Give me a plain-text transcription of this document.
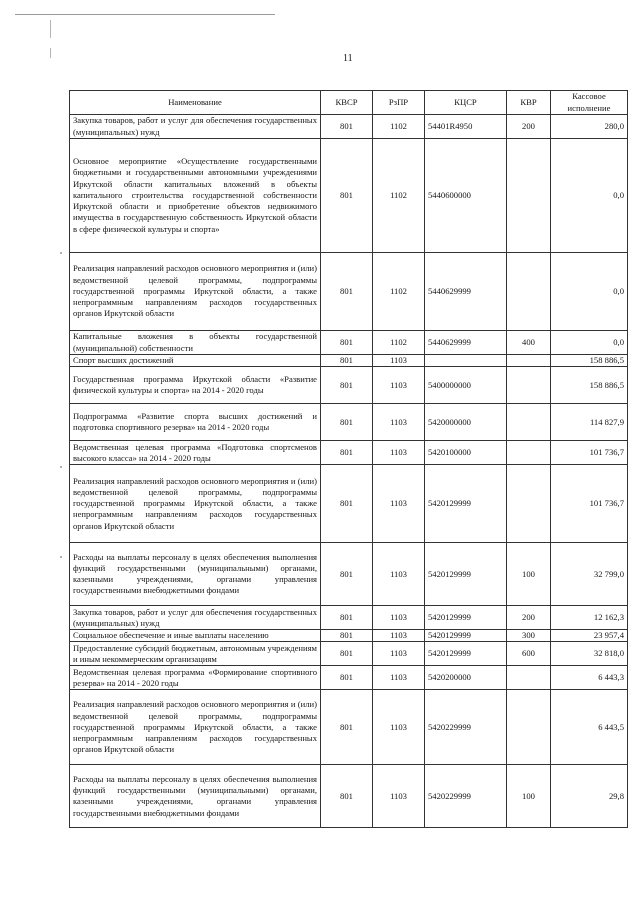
11
Наименование	КВСР	РзПР	КЦСР	КВР	Кассовое исполнение
Закупка товаров, работ и услуг для обеспечения государственных (муниципальных) нужд	801	1102	54401R4950	200	280,0
Основное мероприятие «Осуществление государственными бюджетными и государственными автономными учреждениями Иркутской области капитальных вложений в объекты капитального строительства государственной собственности Иркутской области и приобретение объектов недвижимого имущества в государственную собственность Иркутской области в сфере физической культуры и спорта»	801	1102	5440600000		0,0
Реализация направлений расходов основного мероприятия и (или) ведомственной целевой программы, подпрограммы государственной программы Иркутской области, а также непрограммным направлениям расходов государственных органов Иркутской области	801	1102	5440629999		0,0
Капитальные вложения в объекты государственной (муниципальной) собственности	801	1102	5440629999	400	0,0
Спорт высших достижений	801	1103			158 886,5
Государственная программа Иркутской области «Развитие физической культуры и спорта» на 2014 - 2020 годы	801	1103	5400000000		158 886,5
Подпрограмма «Развитие спорта высших достижений и подготовка спортивного резерва» на 2014 - 2020 годы	801	1103	5420000000		114 827,9
Ведомственная целевая программа «Подготовка спортсменов высокого класса» на 2014 - 2020 годы	801	1103	5420100000		101 736,7
Реализация направлений расходов основного мероприятия и (или) ведомственной целевой программы, подпрограммы государственной программы Иркутской области, а также непрограммным направлениям расходов государственных органов Иркутской области	801	1103	5420129999		101 736,7
Расходы на выплаты персоналу в целях обеспечения выполнения функций государственными (муниципальными) органами, казенными учреждениями, органами управления государственными внебюджетными фондами	801	1103	5420129999	100	32 799,0
Закупка товаров, работ и услуг для обеспечения государственных (муниципальных) нужд	801	1103	5420129999	200	12 162,3
Социальное обеспечение и иные выплаты населению	801	1103	5420129999	300	23 957,4
Предоставление субсидий бюджетным, автономным учреждениям и иным некоммерческим организациям	801	1103	5420129999	600	32 818,0
Ведомственная целевая программа «Формирование спортивного резерва» на 2014 - 2020 годы	801	1103	5420200000		6 443,3
Реализация направлений расходов основного мероприятия и (или) ведомственной целевой программы, подпрограммы государственной программы Иркутской области, а также непрограммным направлениям расходов государственных органов Иркутской области	801	1103	5420229999		6 443,5
Расходы на выплаты персоналу в целях обеспечения выполнения функций государственными (муниципальными) органами, казенными учреждениями, органами управления государственными внебюджетными фондами	801	1103	5420229999	100	29,8
